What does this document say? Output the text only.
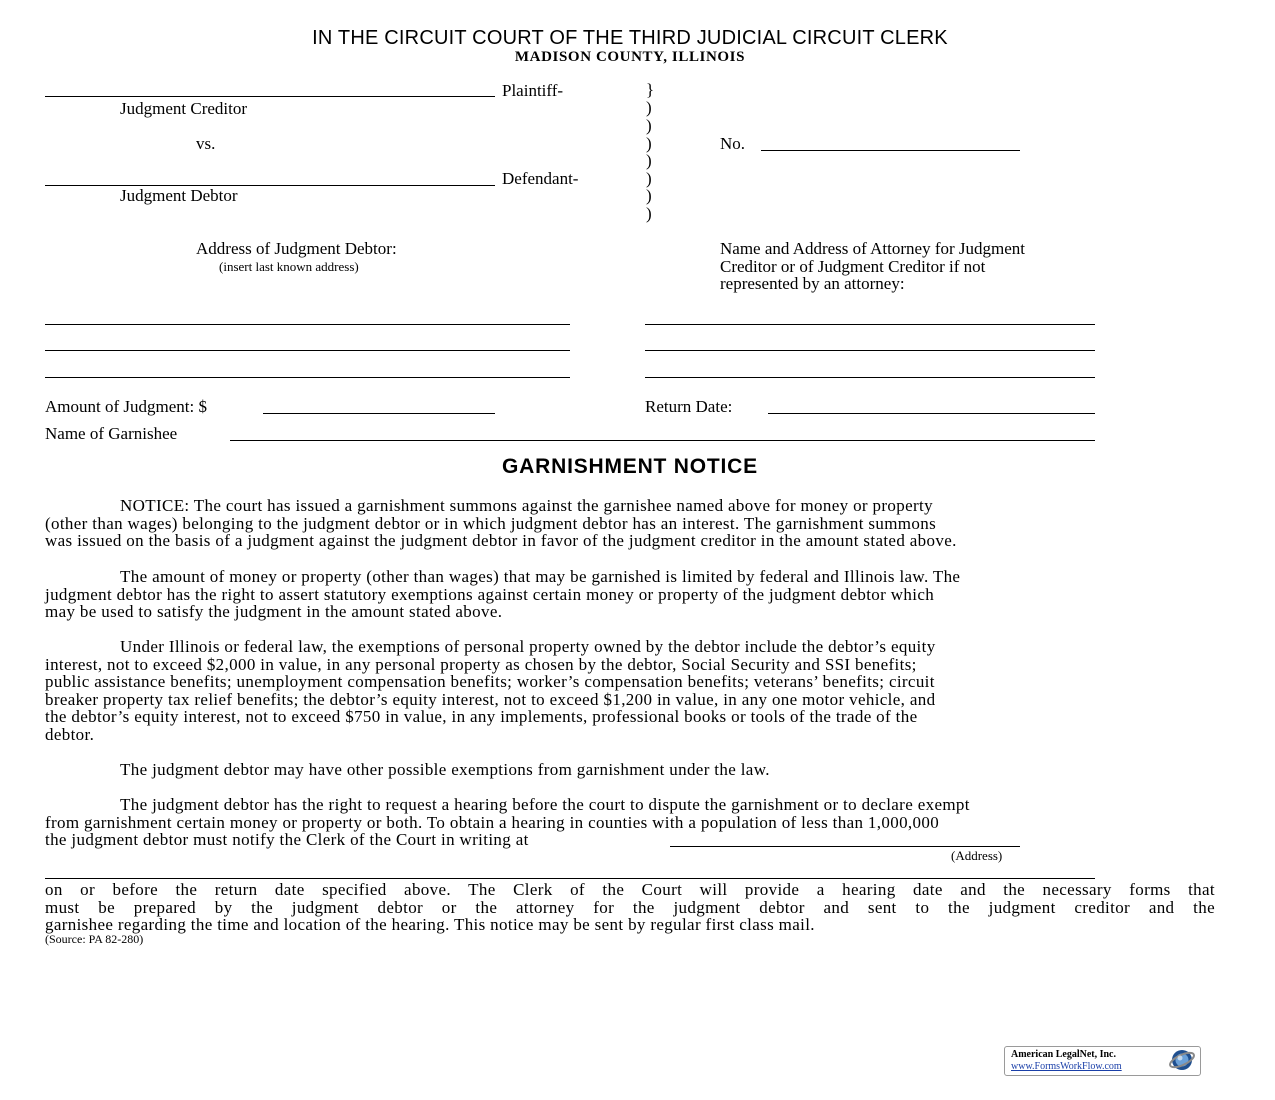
IN THE CIRCUIT COURT OF THE THIRD JUDICIAL CIRCUIT CLERK
MADISON COUNTY, ILLINOIS
Plaintiff-
Judgment Creditor
vs.
Defendant-
Judgment Debtor
}
)
)
)
)
)
)
)
No.
Address of Judgment Debtor:
(insert last known address)
Name and Address of Attorney for Judgment
Creditor or of Judgment Creditor if not
represented by an attorney:
Amount of Judgment: $	Return Date:
Name of Garnishee
GARNISHMENT NOTICE
NOTICE: The court has issued a garnishment summons against the garnishee named above for money or property
(other than wages) belonging to the judgment debtor or in which judgment debtor has an interest. The garnishment summons
was issued on the basis of a judgment against the judgment debtor in favor of the judgment creditor in the amount stated above.
The amount of money or property (other than wages) that may be garnished is limited by federal and Illinois law. The
judgment debtor has the right to assert statutory exemptions against certain money or property of the judgment debtor which
may be used to satisfy the judgment in the amount stated above.
Under Illinois or federal law, the exemptions of personal property owned by the debtor include the debtor’s equity
interest, not to exceed $2,000 in value, in any personal property as chosen by the debtor, Social Security and SSI benefits;
public assistance benefits; unemployment compensation benefits; worker’s compensation benefits; veterans’ benefits; circuit
breaker property tax relief benefits; the debtor’s equity interest, not to exceed $1,200 in value, in any one motor vehicle, and
the debtor’s equity interest, not to exceed $750 in value, in any implements, professional books or tools of the trade of the
debtor.
The judgment debtor may have other possible exemptions from garnishment under the law.
The judgment debtor has the right to request a hearing before the court to dispute the garnishment or to declare exempt
from garnishment certain money or property or both. To obtain a hearing in counties with a population of less than 1,000,000
the judgment debtor must notify the Clerk of the Court in writing at
(Address)
on or before the return date specified above. The Clerk of the Court will provide a hearing date and the necessary forms that
must be prepared by the judgment debtor or the attorney for the judgment debtor and sent to the judgment creditor and the
garnishee regarding the time and location of the hearing. This notice may be sent by regular first class mail.
(Source: PA 82-280)
American LegalNet, Inc.
www.FormsWorkFlow.com
